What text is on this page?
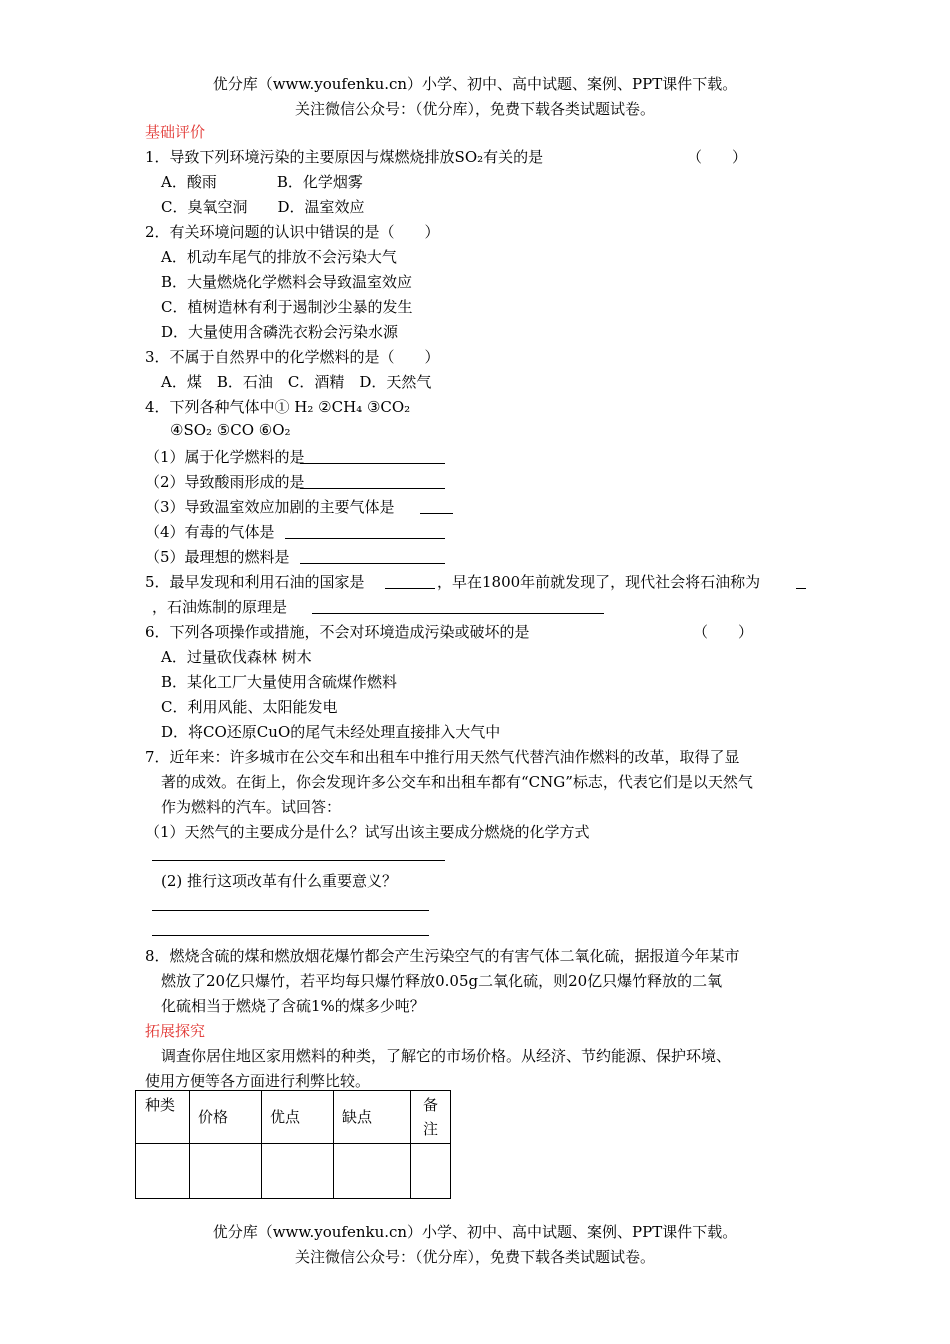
优分库（www.youfenku.cn）小学、初中、高中试题、案例、PPT课件下载。
关注微信公众号：（优分库），免费下载各类试题试卷。
基础评价
1．导致下列环境污染的主要原因与煤燃烧排放SO₂有关的是	（　　）
A．酸雨　　　　B．化学烟雾
C．臭氧空洞　　D．温室效应
2．有关环境问题的认识中错误的是（　　）
A．机动车尾气的排放不会污染大气
B．大量燃烧化学燃料会导致温室效应
C．植树造林有利于遏制沙尘暴的发生
D．大量使用含磷洗衣粉会污染水源
3．不属于自然界中的化学燃料的是（　　）
A．煤　B．石油　C．酒精　D．天然气
4．下列各种气体中① H₂ ②CH₄ ③CO₂
④SO₂ ⑤CO ⑥O₂
（1）属于化学燃料的是
（2）导致酸雨形成的是
（3）导致温室效应加剧的主要气体是
（4）有毒的气体是
（5）最理想的燃料是
5．最早发现和利用石油的国家是	，早在1800年前就发现了，现代社会将石油称为
，石油炼制的原理是
6．下列各项操作或措施，不会对环境造成污染或破坏的是	（　　）
A．过量砍伐森林 树木
B．某化工厂大量使用含硫煤作燃料
C．利用风能、太阳能发电
D．将CO还原CuO的尾气未经处理直接排入大气中
7．近年来：许多城市在公交车和出租车中推行用天然气代替汽油作燃料的改革，取得了显
著的成效。在街上，你会发现许多公交车和出租车都有“CNG”标志，代表它们是以天然气
作为燃料的汽车。试回答：
（1）天然气的主要成分是什么？试写出该主要成分燃烧的化学方式
(2) 推行这项改革有什么重要意义？
8．燃烧含硫的煤和燃放烟花爆竹都会产生污染空气的有害气体二氧化硫，据报道今年某市
燃放了20亿只爆竹，若平均每只爆竹释放0.05g二氧化硫，则20亿只爆竹释放的二氧
化硫相当于燃烧了含硫1%的煤多少吨？
拓展探究
调查你居住地区家用燃料的种类，了解它的市场价格。从经济、节约能源、保护环境、
使用方便等各方面进行利弊比较。
种类	价格	优点	缺点	备注

优分库（www.youfenku.cn）小学、初中、高中试题、案例、PPT课件下载。
关注微信公众号：（优分库），免费下载各类试题试卷。
